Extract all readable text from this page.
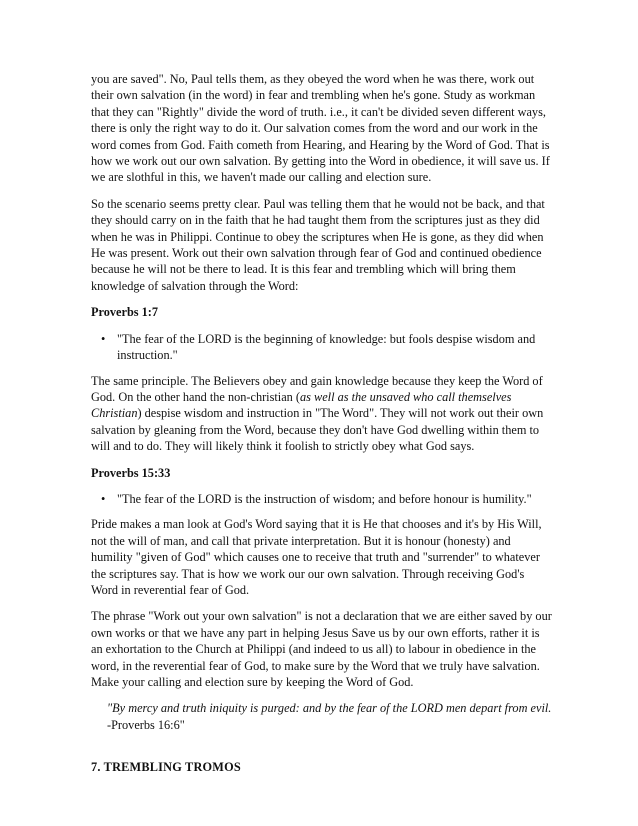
you are saved". No, Paul tells them, as they obeyed the word when he was there, work out their own salvation (in the word) in fear and trembling when he's gone. Study as workman that they can "Rightly" divide the word of truth. i.e., it can't be divided seven different ways, there is only the right way to do it. Our salvation comes from the word and our work in the word comes from God. Faith cometh from Hearing, and Hearing by the Word of God. That is how we work out our own salvation. By getting into the Word in obedience, it will save us. If we are slothful in this, we haven't made our calling and election sure.

So the scenario seems pretty clear. Paul was telling them that he would not be back, and that they should carry on in the faith that he had taught them from the scriptures just as they did when he was in Philippi. Continue to obey the scriptures when He is gone, as they did when He was present. Work out their own salvation through fear of God and continued obedience because he will not be there to lead. It is this fear and trembling which will bring them knowledge of salvation through the Word:

Proverbs 1:7

• "The fear of the LORD is the beginning of knowledge: but fools despise wisdom and instruction."

The same principle. The Believers obey and gain knowledge because they keep the Word of God. On the other hand the non-christian (as well as the unsaved who call themselves Christian) despise wisdom and instruction in "The Word". They will not work out their own salvation by gleaning from the Word, because they don't have God dwelling within them to will and to do. They will likely think it foolish to strictly obey what God says.

Proverbs 15:33

• "The fear of the LORD is the instruction of wisdom; and before honour is humility."

Pride makes a man look at God's Word saying that it is He that chooses and it's by His Will, not the will of man, and call that private interpretation. But it is honour (honesty) and humility "given of God" which causes one to receive that truth and "surrender" to whatever the scriptures say. That is how we work our our own salvation. Through receiving God's Word in reverential fear of God.

The phrase "Work out your own salvation" is not a declaration that we are either saved by our own works or that we have any part in helping Jesus Save us by our own efforts, rather it is an exhortation to the Church at Philippi (and indeed to us all) to labour in obedience in the word, in the reverential fear of God, to make sure by the Word that we truly have salvation. Make your calling and election sure by keeping the Word of God.

"By mercy and truth iniquity is purged: and by the fear of the LORD men depart from evil. -Proverbs 16:6"

7. TREMBLING TROMOS
